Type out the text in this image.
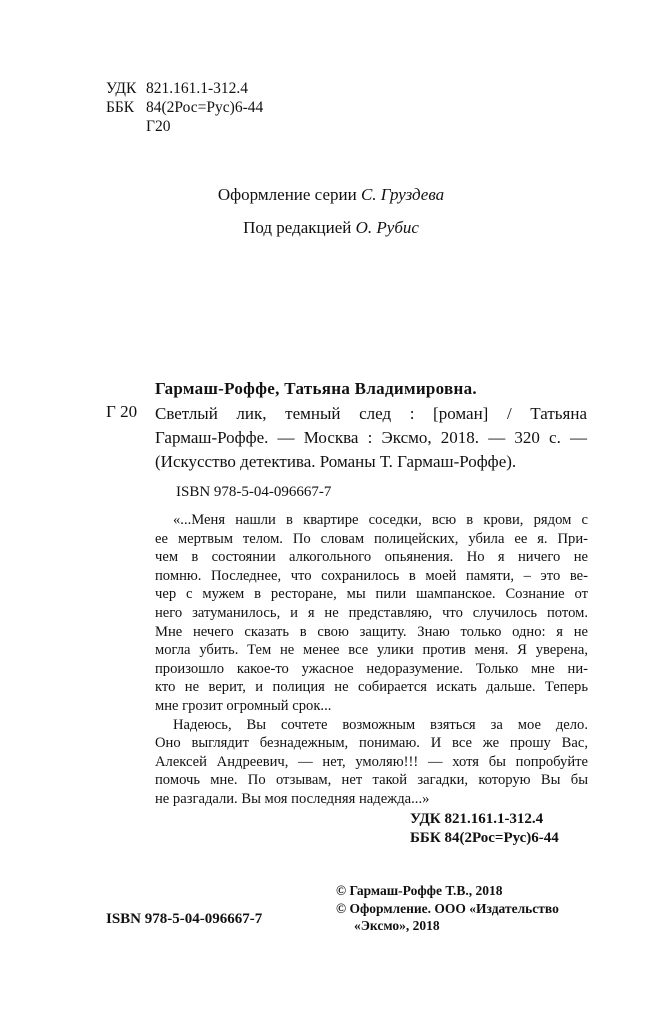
УДК 821.161.1-312.4
ББК 84(2Рос=Рус)6-44
Г20
Оформление серии С. Груздева
Под редакцией О. Рубис
Гармаш-Роффе, Татьяна Владимировна.
Г 20 Светлый лик, темный след : [роман] / Татьяна
Гармаш-Роффе. — Москва : Эксмо, 2018. — 320 с. —
(Искусство детектива. Романы Т. Гармаш-Роффе).
ISBN 978-5-04-096667-7
«...Меня нашли в квартире соседки, всю в крови, рядом с
ее мертвым телом. По словам полицейских, убила ее я. При-
чем в состоянии алкогольного опьянения. Но я ничего не
помню. Последнее, что сохранилось в моей памяти, – это ве-
чер с мужем в ресторане, мы пили шампанское. Сознание от
него затуманилось, и я не представляю, что случилось потом.
Мне нечего сказать в свою защиту. Знаю только одно: я не
могла убить. Тем не менее все улики против меня. Я уверена,
произошло какое-то ужасное недоразумение. Только мне ни-
кто не верит, и полиция не собирается искать дальше. Теперь
мне грозит огромный срок...
Надеюсь, Вы сочтете возможным взяться за мое дело.
Оно выглядит безнадежным, понимаю. И все же прошу Вас,
Алексей Андреевич, — нет, умоляю!!! — хотя бы попробуйте
помочь мне. По отзывам, нет такой загадки, которую Вы бы
не разгадали. Вы моя последняя надежда...»
УДК 821.161.1-312.4
ББК 84(2Рос=Рус)6-44
© Гармаш-Роффе Т.В., 2018
© Оформление. ООО «Издательство
«Эксмо», 2018
ISBN 978-5-04-096667-7
